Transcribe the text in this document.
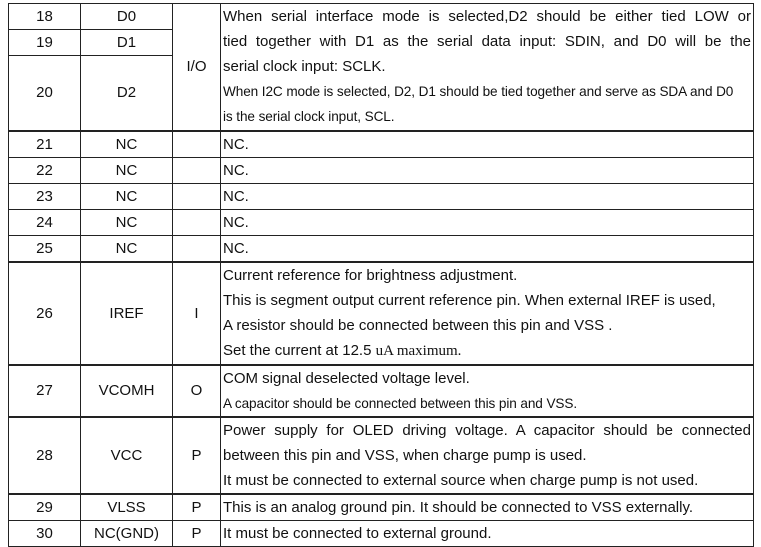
18	D0	I/O	When serial interface mode is selected,D2 should be either tied LOW or
tied together with D1 as the serial data input: SDIN, and D0 will be the
serial clock input: SCLK.
When I2C mode is selected, D2, D1 should be tied together and serve as SDA and D0
is the serial clock input, SCL.

19	D1		
20	D2		
21	NC		NC.
22	NC		NC.
23	NC		NC.
24	NC		NC.
25	NC		NC.
26	IREF	I	Current reference for brightness adjustment.
This is segment output current reference pin. When external IREF is used,
A resistor should be connected between this pin and VSS .
Set the current at 12.5 uA maximum.

27	VCOMH	O	COM signal deselected voltage level.
A capacitor should be connected between this pin and VSS.

28	VCC	P	Power supply for OLED driving voltage. A capacitor should be connected
between this pin and VSS, when charge pump is used.
It must be connected to external source when charge pump is not used.

29	VLSS	P	This is an analog ground pin. It should be connected to VSS externally.
30	NC(GND)	P	It must be connected to external ground.
